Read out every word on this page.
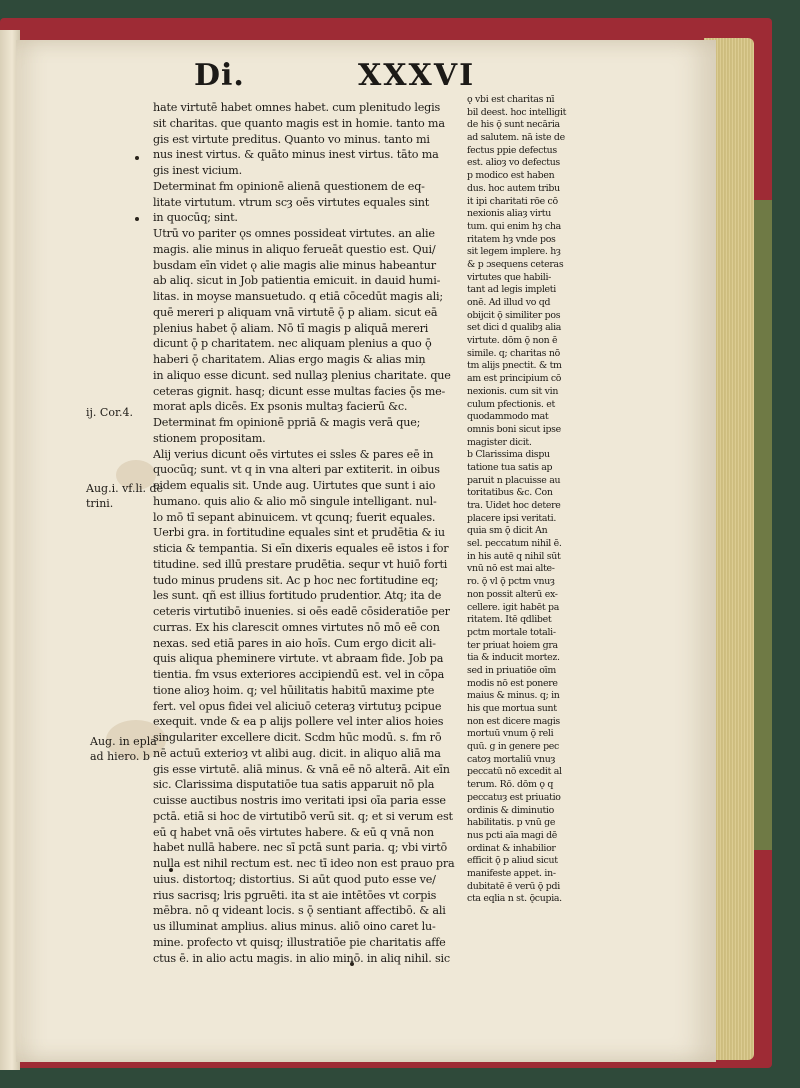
Di.	XXXVI
ij. Cor.4.
Aug.i. vf.li. de trini.
Aug. in epla ad hiero. b
hate virtutē habet omnes habet. cum plenitudo legis
sit charitas. que quanto magis est in homie. tanto ma
gis est virtute preditus. Quanto vo minus. tanto mi
nus inest virtus. & quāto minus inest virtus. tāto ma
gis inest vicium.
Determinat fm opinionē alienā questionem de eq-
litate virtutum. vtrum scȝ oēs virtutes equales sint
in quocūq; sint.
Utrū vo pariter ǫs omnes possideat virtutes. an alie
magis. alie minus in aliquo ferueāt questio est. Qui/
busdam eīn videt ǫ alie magis alie minus habeantur
ab aliq. sicut in Job patientia emicuit. in dauid humi-
litas. in moyse mansuetudo. q etiā cōcedūt magis ali;
quē mereri p aliquam vnā virtutē ǭ p aliam. sicut eā
plenius habet ǭ aliam. Nō tī magis p aliquā mereri
dicunt ǭ p charitatem. nec aliquam plenius a quo ǭ
haberi ǭ charitatem. Alias ergo magis & alias miņ
in aliquo esse dicunt. sed nullaȝ plenius charitate. que
ceteras gignit. hasq; dicunt esse multas facies ǭs me-
morat apls dicēs. Ex psonis multaȝ facierū &c.
Determinat fm opinionē ppriā & magis verā que;
stionem propositam.
Alij verius dicunt oēs virtutes ei ssles & pares eē in
quocūq; sunt. vt q in vna alteri par extiterit. in oibus
eidem equalis sit. Unde aug. Uirtutes que sunt i aio
humano. quis alio & alio mō singule intelligant. nul-
lo mō tī sepant abinuicem. vt qcunq; fuerit equales.
Uerbi gra. in fortitudine equales sint et prudētia & iu
sticia & tempantia. Si eīn dixeris equales eē istos i for
titudine. sed illū prestare prudētia. sequr vt huiō forti
tudo minus prudens sit. Ac p hoc nec fortitudine eq;
les sunt. qñ est illius fortitudo prudentior. Atq; ita de
ceteris virtutibō inuenies. si oēs eadē cōsideratiōe per
curras. Ex his clarescit omnes virtutes nō mō eē con
nexas. sed etiā pares in aio hoīs. Cum ergo dicit ali-
quis aliqua pheminere virtute. vt abraam fide. Job pa
tientia. fm vsus exteriores accipiendū est. vel in cōpa
tione alioȝ hoim. q; vel hūilitatis habitū maxime pte
fert. vel opus fidei vel aliciuō ceteraȝ virtutuȝ pcipue
exequit. vnde & ea p alijs pollere vel inter alios hoies
singulariter excellere dicit. Scdm hūc modū. s. fm rō
nē actuū exterioȝ vt alibi aug. dicit. in aliquo aliā ma
gis esse virtutē. aliā minus. & vnā eē nō alterā. Ait eīn
sic. Clarissima disputatiōe tua satis apparuit nō pla
cuisse auctibus nostris imo veritati ipsi oīa paria esse
pctā. etiā si hoc de virtutibō verū sit. q; et si verum est
eū q habet vnā oēs virtutes habere. & eū q vnā non
habet nullā habere. nec sī pctā sunt paria. q; vbi virtō
nulla est nihil rectum est. nec tī ideo non est prauo pra
uius. distortoq; distortius. Si aūt quod puto esse ve/
rius sacrisq; lris pgruēti. ita st aie intētōes vt corpis
mēbra. nō q videant locis. s ǭ sentiant affectibō. & ali
us illuminat amplius. alius minus. aliō oino caret lu-
mine. profecto vt quisq; illustratiōe pie charitatis affe
ctus ē. in alio actu magis. in alio minō. in aliq nihil. sic
ǫ vbi est charitas nī
bil deest. hoc intelligit
de his ǭ sunt necāria
ad salutem. nā iste de
fectus ppie defectus
est. alioȝ vo defectus
p modico est haben
dus. hoc autem tribu
it ipi charitati rōe cō
nexionis aliaȝ virtu
tum. qui enim hȝ cha
ritatem hȝ vnde pos
sit legem implere. hȝ
& p ɔsequens ceteras
virtutes que habili-
tant ad legis impleti
onē. Ad illud vo qd
obijcit ǭ similiter pos
set dici d qualibȝ alia
virtute. dōm ǭ non ē
simile. q; charitas nō
tm alijs pnectit. & tm
am est principium cō
nexionis. cum sit vin
culum pfectionis. et
quodammodo mat
omnis boni sicut ipse
magister dicit.
b Clarissima dispu
tatione tua satis ap
paruit n placuisse au
toritatibus &c. Con
tra. Uidet hoc detere
placere ipsi veritati.
quia sm ǭ dicit An
sel. peccatum nihil ē.
in his autē q nihil sūt
vnū nō est mai alte-
ro. ǭ vl ǭ pctm vnuȝ
non possit alterū ex-
cellere. igit habēt pa
ritatem. Itē qdlibet
pctm mortale totali-
ter priuat hoiem gra
tia & inducit mortez.
sed in priuatiōe oīm
modis nō est ponere
maius & minus. q; in
his que mortua sunt
non est dicere magis
mortuū vnum ǭ reli
quū. g in genere pec
catoȝ mortaliū vnuȝ
peccatū nō excedit al
terum. Rō. dōm ǫ q
peccatuȝ est priuatio
ordinis & diminutio
habilitatis. p vnū ge
nus pcti aīa magi dē
ordinat & inhabilior
efficit ǭ p aliud sicut
manifeste appet. in-
dubitatē ē verū ǭ pdi
cta eqlia n st. ǭcupia.
